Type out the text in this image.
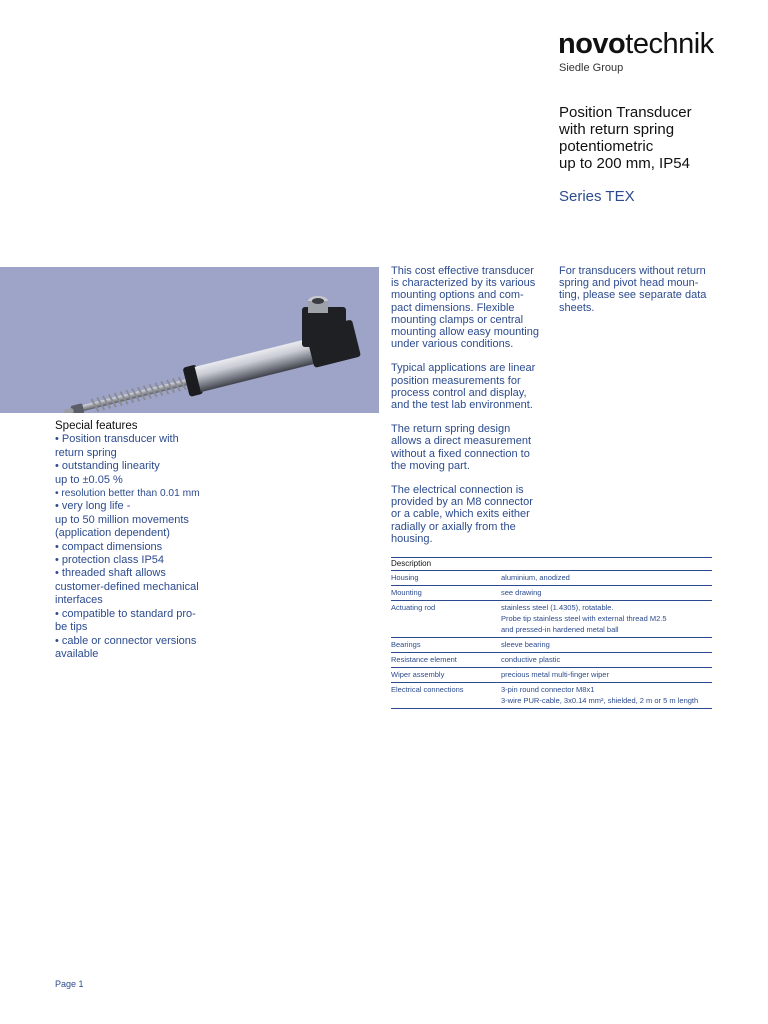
novotechnik
Siedle Group
Position Transducer
with return spring
potentiometric
up to 200 mm, IP54
Series TEX

This cost effective transducer is characterized by its various mounting options and com-pact dimensions. Flexible mounting clamps or central mounting allow easy mounting under various conditions.

Typical applications are linear position measurements for process control and display, and the test lab environment.

The return spring design allows a direct measurement without a fixed connection to the moving part.

The electrical connection is provided by an M8 connector or a cable, which exits either radially or axially from the housing.

For transducers without return spring and pivot head moun-ting, please see separate data sheets.

Special features
• Position transducer with
return spring
• outstanding linearity
up to ±0.05 %
• resolution better than 0.01 mm
• very long life -
up to 50 million movements
(application dependent)
• compact dimensions
• protection class IP54
• threaded shaft allows
customer-defined mechanical
interfaces
• compatible to standard pro-
be tips
• cable or connector versions
available
Description	
Housing	aluminium, anodized

Mounting	see drawing

Actuating rod	stainless steel (1.4305), rotatable.
Probe tip stainless steel with external thread M2.5
and pressed-in hardened metal ball

Bearings	sleeve bearing

Resistance element	conductive plastic

Wiper assembly	precious metal multi-finger wiper

Electrical connections	3-pin round connector M8x1
3-wire PUR-cable, 3x0.14 mm², shielded, 2 m or 5 m length
Page 1
